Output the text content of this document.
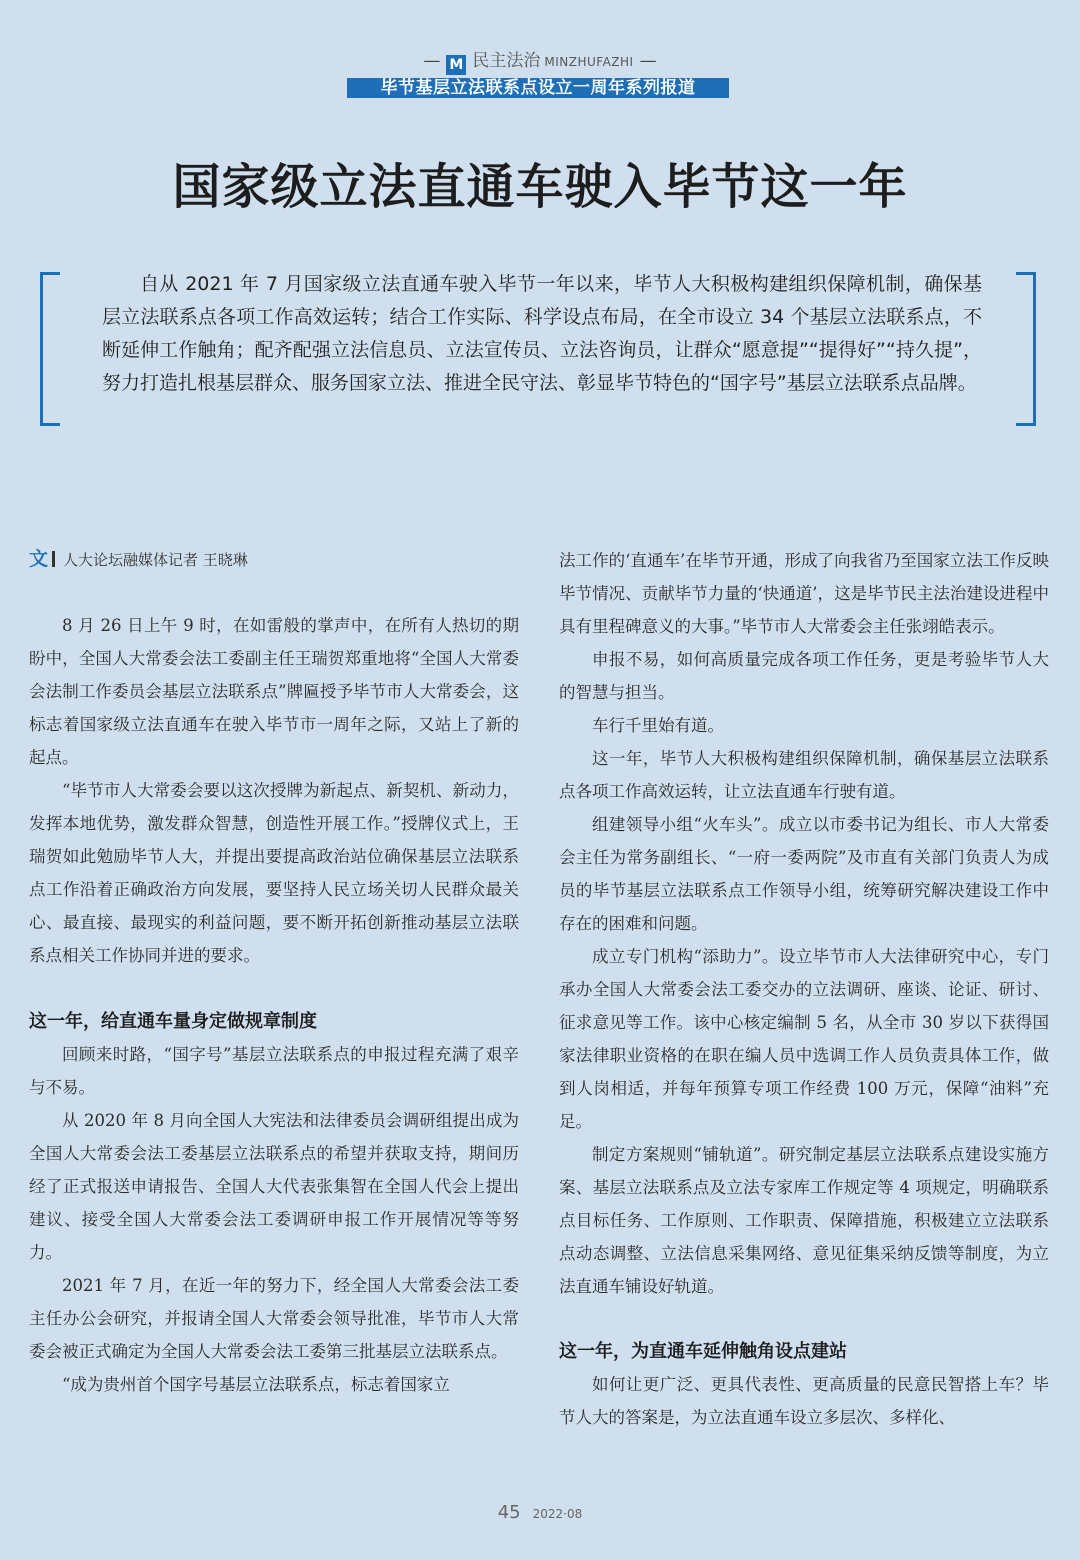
— M 民主法治 MINZHUFAZHI —
毕节基层立法联系点设立一周年系列报道
国家级立法直通车驶入毕节这一年

自从 2021 年 7 月国家级立法直通车驶入毕节一年以来，毕节人大积极构建组织保障机制，确保基层立法联系点各项工作高效运转；结合工作实际、科学设点布局，在全市设立 34 个基层立法联系点，不断延伸工作触角；配齐配强立法信息员、立法宣传员、立法咨询员，让群众“愿意提”“提得好”“持久提”，努力打造扎根基层群众、服务国家立法、推进全民守法、彰显毕节特色的“国字号”基层立法联系点品牌。

文 人大论坛融媒体记者 王晓琳

8 月 26 日上午 9 时，在如雷般的掌声中，在所有人热切的期盼中，全国人大常委会法工委副主任王瑞贺郑重地将“全国人大常委会法制工作委员会基层立法联系点”牌匾授予毕节市人大常委会，这标志着国家级立法直通车在驶入毕节市一周年之际，又站上了新的起点。

“毕节市人大常委会要以这次授牌为新起点、新契机、新动力，发挥本地优势，激发群众智慧，创造性开展工作。”授牌仪式上，王瑞贺如此勉励毕节人大，并提出要提高政治站位确保基层立法联系点工作沿着正确政治方向发展，要坚持人民立场关切人民群众最关心、最直接、最现实的利益问题，要不断开拓创新推动基层立法联系点相关工作协同并进的要求。

这一年，给直通车量身定做规章制度

回顾来时路，“国字号”基层立法联系点的申报过程充满了艰辛与不易。

从 2020 年 8 月向全国人大宪法和法律委员会调研组提出成为全国人大常委会法工委基层立法联系点的希望并获取支持，期间历经了正式报送申请报告、全国人大代表张集智在全国人代会上提出建议、接受全国人大常委会法工委调研申报工作开展情况等等努力。

2021 年 7 月，在近一年的努力下，经全国人大常委会法工委主任办公会研究，并报请全国人大常委会领导批准，毕节市人大常委会被正式确定为全国人大常委会法工委第三批基层立法联系点。

“成为贵州首个国字号基层立法联系点，标志着国家立

法工作的‘直通车’在毕节开通，形成了向我省乃至国家立法工作反映毕节情况、贡献毕节力量的‘快通道’，这是毕节民主法治建设进程中具有里程碑意义的大事。”毕节市人大常委会主任张翊皓表示。

申报不易，如何高质量完成各项工作任务，更是考验毕节人大的智慧与担当。

车行千里始有道。

这一年，毕节人大积极构建组织保障机制，确保基层立法联系点各项工作高效运转，让立法直通车行驶有道。

组建领导小组“火车头”。成立以市委书记为组长、市人大常委会主任为常务副组长、“一府一委两院”及市直有关部门负责人为成员的毕节基层立法联系点工作领导小组，统筹研究解决建设工作中存在的困难和问题。

成立专门机构“添助力”。设立毕节市人大法律研究中心，专门承办全国人大常委会法工委交办的立法调研、座谈、论证、研讨、征求意见等工作。该中心核定编制 5 名，从全市 30 岁以下获得国家法律职业资格的在职在编人员中选调工作人员负责具体工作，做到人岗相适，并每年预算专项工作经费 100 万元，保障“油料”充足。

制定方案规则“铺轨道”。研究制定基层立法联系点建设实施方案、基层立法联系点及立法专家库工作规定等 4 项规定，明确联系点目标任务、工作原则、工作职责、保障措施，积极建立立法联系点动态调整、立法信息采集网络、意见征集采纳反馈等制度，为立法直通车铺设好轨道。

这一年，为直通车延伸触角设点建站

如何让更广泛、更具代表性、更高质量的民意民智搭上车？毕节人大的答案是，为立法直通车设立多层次、多样化、

45 2022·08
